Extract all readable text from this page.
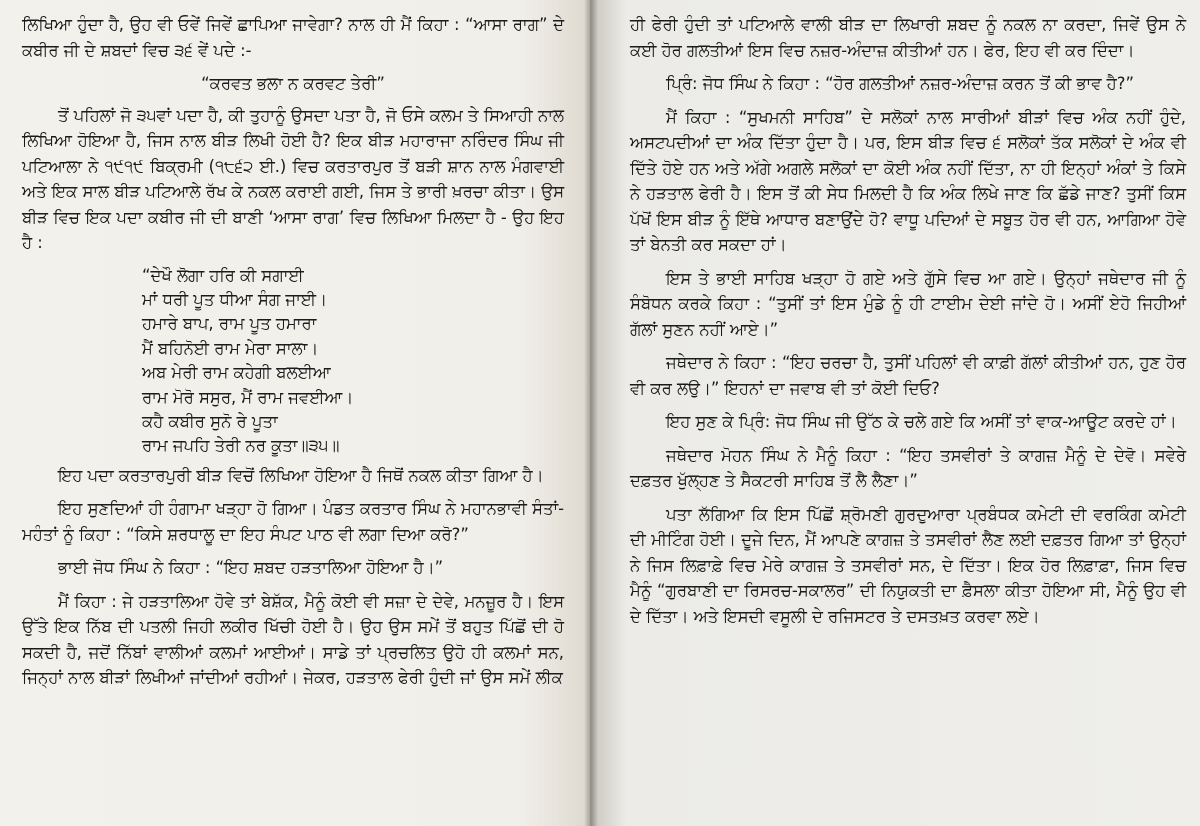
ਲਿਖਿਆ ਹੁੰਦਾ ਹੈ, ਉਹ ਵੀ ਓਵੇਂ ਜਿਵੇਂ ਛਾਪਿਆ ਜਾਵੇਗਾ? ਨਾਲ ਹੀ ਮੈਂ ਕਿਹਾ : “ਆਸਾ ਰਾਗ” ਦੇ ਕਬੀਰ ਜੀ ਦੇ ਸ਼ਬਦਾਂ ਵਿਚ ੩੬ ਵੇਂ ਪਦੇ :-

“ਕਰਵਤ ਭਲਾ ਨ ਕਰਵਟ ਤੇਰੀ”

ਤੋਂ ਪਹਿਲਾਂ ਜੋ ੩੫ਵਾਂ ਪਦਾ ਹੈ, ਕੀ ਤੁਹਾਨੂੰ ਉਸਦਾ ਪਤਾ ਹੈ, ਜੋ ਓਸੇ ਕਲਮ ਤੇ ਸਿਆਹੀ ਨਾਲ ਲਿਖਿਆ ਹੋਇਆ ਹੈ, ਜਿਸ ਨਾਲ ਬੀੜ ਲਿਖੀ ਹੋਈ ਹੈ? ਇਕ ਬੀੜ ਮਹਾਰਾਜਾ ਨਰਿੰਦਰ ਸਿੰਘ ਜੀ ਪਟਿਆਲਾ ਨੇ ੧੯੧੯ ਬਿਕ੍ਰਮੀ (੧੮੬੨ ਈ.) ਵਿਚ ਕਰਤਾਰਪੁਰ ਤੋਂ ਬੜੀ ਸ਼ਾਨ ਨਾਲ ਮੰਗਵਾਈ ਅਤੇ ਇਕ ਸਾਲ ਬੀੜ ਪਟਿਆਲੇ ਰੱਖ ਕੇ ਨਕਲ ਕਰਾਈ ਗਈ, ਜਿਸ ਤੇ ਭਾਰੀ ਖ਼ਰਚਾ ਕੀਤਾ। ਉਸ ਬੀੜ ਵਿਚ ਇਕ ਪਦਾ ਕਬੀਰ ਜੀ ਦੀ ਬਾਣੀ ‘ਆਸਾ ਰਾਗ’ ਵਿਚ ਲਿਖਿਆ ਮਿਲਦਾ ਹੈ - ਉਹ ਇਹ ਹੈ :

“ਦੇਖੌ ਲੋਗਾ ਹਰਿ ਕੀ ਸਗਾਈ
ਮਾਂ ਧਰੀ ਪੂਤ ਧੀਆ ਸੰਗ ਜਾਈ।
ਹਮਾਰੇ ਬਾਪ, ਰਾਮ ਪੂਤ ਹਮਾਰਾ
ਮੈਂ ਬਹਿਨੋਈ ਰਾਮ ਮੇਰਾ ਸਾਲਾ।
ਅਬ ਮੇਰੀ ਰਾਮ ਕਹੇਗੀ ਬਲਈਆ
ਰਾਮ ਮੋਰੋ ਸਸੁਰ, ਮੈਂ ਰਾਮ ਜਵਈਆ।
ਕਹੈ ਕਬੀਰ ਸੁਨੋ ਰੇ ਪੂਤਾ
ਰਾਮ ਜਪਹਿ ਤੇਰੀ ਨਰ ਕੂਤਾ॥੩੫॥

ਇਹ ਪਦਾ ਕਰਤਾਰਪੁਰੀ ਬੀੜ ਵਿਚੋਂ ਲਿਖਿਆ ਹੋਇਆ ਹੈ ਜਿਥੋਂ ਨਕਲ ਕੀਤਾ ਗਿਆ ਹੈ।

ਇਹ ਸੁਣਦਿਆਂ ਹੀ ਹੰਗਾਮਾ ਖੜ੍ਹਾ ਹੋ ਗਿਆ। ਪੰਡਤ ਕਰਤਾਰ ਸਿੰਘ ਨੇ ਮਹਾਨਭਾਵੀ ਸੰਤਾਂ-ਮਹੰਤਾਂ ਨੂੰ ਕਿਹਾ : “ਕਿਸੇ ਸ਼ਰਧਾਲੂ ਦਾ ਇਹ ਸੰਪਟ ਪਾਠ ਵੀ ਲਗਾ ਦਿਆ ਕਰੋ?”

ਭਾਈ ਜੋਧ ਸਿੰਘ ਨੇ ਕਿਹਾ : “ਇਹ ਸ਼ਬਦ ਹੜਤਾਲਿਆ ਹੋਇਆ ਹੈ।”

ਮੈਂ ਕਿਹਾ : ਜੇ ਹੜਤਾਲਿਆ ਹੋਵੇ ਤਾਂ ਬੇਸ਼ੱਕ, ਮੈਨੂੰ ਕੋਈ ਵੀ ਸਜ਼ਾ ਦੇ ਦੇਵੇ, ਮਨਜ਼ੂਰ ਹੈ। ਇਸ ਉੱਤੇ ਇਕ ਨਿੱਬ ਦੀ ਪਤਲੀ ਜਿਹੀ ਲਕੀਰ ਖਿੱਚੀ ਹੋਈ ਹੈ। ਉਹ ਉਸ ਸਮੇਂ ਤੋਂ ਬਹੁਤ ਪਿੱਛੋਂ ਦੀ ਹੋ ਸਕਦੀ ਹੈ, ਜਦੋਂ ਨਿੱਬਾਂ ਵਾਲੀਆਂ ਕਲਮਾਂ ਆਈਆਂ। ਸਾਡੇ ਤਾਂ ਪ੍ਰਚਲਿਤ ਉਹੋ ਹੀ ਕਲਮਾਂ ਸਨ, ਜਿਨ੍ਹਾਂ ਨਾਲ ਬੀੜਾਂ ਲਿਖੀਆਂ ਜਾਂਦੀਆਂ ਰਹੀਆਂ। ਜੇਕਰ, ਹੜਤਾਲ ਫੇਰੀ ਹੁੰਦੀ ਜਾਂ ਉਸ ਸਮੇਂ ਲੀਕ

ਹੀ ਫੇਰੀ ਹੁੰਦੀ ਤਾਂ ਪਟਿਆਲੇ ਵਾਲੀ ਬੀੜ ਦਾ ਲਿਖਾਰੀ ਸ਼ਬਦ ਨੂੰ ਨਕਲ ਨਾ ਕਰਦਾ, ਜਿਵੇਂ ਉਸ ਨੇ ਕਈ ਹੋਰ ਗਲਤੀਆਂ ਇਸ ਵਿਚ ਨਜ਼ਰ-ਅੰਦਾਜ਼ ਕੀਤੀਆਂ ਹਨ। ਫੇਰ, ਇਹ ਵੀ ਕਰ ਦਿੰਦਾ।

ਪ੍ਰਿੰ: ਜੋਧ ਸਿੰਘ ਨੇ ਕਿਹਾ : “ਹੋਰ ਗਲਤੀਆਂ ਨਜ਼ਰ-ਅੰਦਾਜ਼ ਕਰਨ ਤੋਂ ਕੀ ਭਾਵ ਹੈ?”

ਮੈਂ ਕਿਹਾ : “ਸੁਖਮਨੀ ਸਾਹਿਬ” ਦੇ ਸਲੋਕਾਂ ਨਾਲ ਸਾਰੀਆਂ ਬੀੜਾਂ ਵਿਚ ਅੰਕ ਨਹੀਂ ਹੁੰਦੇ, ਅਸਟਪਦੀਆਂ ਦਾ ਅੰਕ ਦਿੱਤਾ ਹੁੰਦਾ ਹੈ। ਪਰ, ਇਸ ਬੀੜ ਵਿਚ ੬ ਸਲੋਕਾਂ ਤੱਕ ਸਲੋਕਾਂ ਦੇ ਅੰਕ ਵੀ ਦਿੱਤੇ ਹੋਏ ਹਨ ਅਤੇ ਅੱਗੇ ਅਗਲੇ ਸਲੋਕਾਂ ਦਾ ਕੋਈ ਅੰਕ ਨਹੀਂ ਦਿੱਤਾ, ਨਾ ਹੀ ਇਨ੍ਹਾਂ ਅੰਕਾਂ ਤੇ ਕਿਸੇ ਨੇ ਹੜਤਾਲ ਫੇਰੀ ਹੈ। ਇਸ ਤੋਂ ਕੀ ਸੇਧ ਮਿਲਦੀ ਹੈ ਕਿ ਅੰਕ ਲਿਖੇ ਜਾਣ ਕਿ ਛੱਡੇ ਜਾਣ? ਤੁਸੀਂ ਕਿਸ ਪੱਖੋਂ ਇਸ ਬੀੜ ਨੂੰ ਇੱਥੇ ਆਧਾਰ ਬਣਾਉਂਦੇ ਹੋ? ਵਾਧੂ ਪਦਿਆਂ ਦੇ ਸਬੂਤ ਹੋਰ ਵੀ ਹਨ, ਆਗਿਆ ਹੋਵੇ ਤਾਂ ਬੇਨਤੀ ਕਰ ਸਕਦਾ ਹਾਂ।

ਇਸ ਤੇ ਭਾਈ ਸਾਹਿਬ ਖੜ੍ਹਾ ਹੋ ਗਏ ਅਤੇ ਗੁੱਸੇ ਵਿਚ ਆ ਗਏ। ਉਨ੍ਹਾਂ ਜਥੇਦਾਰ ਜੀ ਨੂੰ ਸੰਬੋਧਨ ਕਰਕੇ ਕਿਹਾ : “ਤੁਸੀਂ ਤਾਂ ਇਸ ਮੁੰਡੇ ਨੂੰ ਹੀ ਟਾਈਮ ਦੇਈ ਜਾਂਦੇ ਹੋ। ਅਸੀਂ ਏਹੋ ਜਿਹੀਆਂ ਗੱਲਾਂ ਸੁਣਨ ਨਹੀਂ ਆਏ।”

ਜਥੇਦਾਰ ਨੇ ਕਿਹਾ : “ਇਹ ਚਰਚਾ ਹੈ, ਤੁਸੀਂ ਪਹਿਲਾਂ ਵੀ ਕਾਫ਼ੀ ਗੱਲਾਂ ਕੀਤੀਆਂ ਹਨ, ਹੁਣ ਹੋਰ ਵੀ ਕਰ ਲਉ।” ਇਹਨਾਂ ਦਾ ਜਵਾਬ ਵੀ ਤਾਂ ਕੋਈ ਦਿਓ?

ਇਹ ਸੁਣ ਕੇ ਪ੍ਰਿੰ: ਜੋਧ ਸਿੰਘ ਜੀ ਉੱਠ ਕੇ ਚਲੇ ਗਏ ਕਿ ਅਸੀਂ ਤਾਂ ਵਾਕ-ਆਊਟ ਕਰਦੇ ਹਾਂ।

ਜਥੇਦਾਰ ਮੋਹਨ ਸਿੰਘ ਨੇ ਮੈਨੂੰ ਕਿਹਾ : “ਇਹ ਤਸਵੀਰਾਂ ਤੇ ਕਾਗਜ਼ ਮੈਨੂੰ ਦੇ ਦੇਵੋ। ਸਵੇਰੇ ਦਫ਼ਤਰ ਖੁੱਲ੍ਹਣ ਤੇ ਸੈਕਟਰੀ ਸਾਹਿਬ ਤੋਂ ਲੈ ਲੈਣਾ।”

ਪਤਾ ਲੱਗਿਆ ਕਿ ਇਸ ਪਿੱਛੋਂ ਸ਼੍ਰੋਮਣੀ ਗੁਰਦੁਆਰਾ ਪ੍ਰਬੰਧਕ ਕਮੇਟੀ ਦੀ ਵਰਕਿੰਗ ਕਮੇਟੀ ਦੀ ਮੀਟਿੰਗ ਹੋਈ। ਦੂਜੇ ਦਿਨ, ਮੈਂ ਆਪਣੇ ਕਾਗਜ਼ ਤੇ ਤਸਵੀਰਾਂ ਲੈਣ ਲਈ ਦਫ਼ਤਰ ਗਿਆ ਤਾਂ ਉਨ੍ਹਾਂ ਨੇ ਜਿਸ ਲਿਫ਼ਾਫ਼ੇ ਵਿਚ ਮੇਰੇ ਕਾਗਜ਼ ਤੇ ਤਸਵੀਰਾਂ ਸਨ, ਦੇ ਦਿੱਤਾ। ਇਕ ਹੋਰ ਲਿਫ਼ਾਫ਼ਾ, ਜਿਸ ਵਿਚ ਮੈਨੂੰ “ਗੁਰਬਾਣੀ ਦਾ ਰਿਸਰਚ-ਸਕਾਲਰ” ਦੀ ਨਿਯੁਕਤੀ ਦਾ ਫ਼ੈਸਲਾ ਕੀਤਾ ਹੋਇਆ ਸੀ, ਮੈਨੂੰ ਉਹ ਵੀ ਦੇ ਦਿੱਤਾ। ਅਤੇ ਇਸਦੀ ਵਸੂਲੀ ਦੇ ਰਜਿਸਟਰ ਤੇ ਦਸਤਖ਼ਤ ਕਰਵਾ ਲਏ।
